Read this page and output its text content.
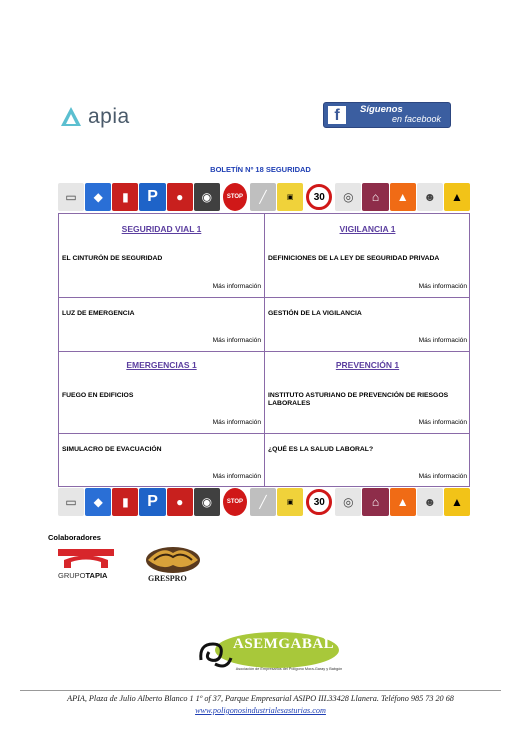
apia	f	Síguenos
en facebook
BOLETÍN Nº 18 SEGURIDAD
▭	◆	▮	P	●	◉	STOP	╱	▣	30	◎	⌂	▲	☻	▲
SEGURIDAD VIAL 1
EL CINTURÓN DE SEGURIDAD
Más información
LUZ DE EMERGENCIA
Más información
VIGILANCIA 1
DEFINICIONES DE LA LEY DE SEGURIDAD PRIVADA
Más información
GESTIÓN DE LA VIGILANCIA
Más información
EMERGENCIAS 1
FUEGO EN EDIFICIOS
Más información
SIMULACRO DE EVACUACIÓN
Más información
PREVENCIÓN 1
INSTITUTO ASTURIANO DE PREVENCIÓN DE RIESGOS LABORALES
Más información
¿QUÉ ES LA SALUD LABORAL?
Más información
▭	◆	▮	P	●	◉	STOP	╱	▣	30	◎	⌂	▲	☻	▲
Colaboradores
GRUPOTAPIA	GRESPRO
ASEMGABAL
Asociación de Empresarios del Polígono Mora-Garay y Babgón
APIA, Plaza de Julio Alberto Blanco 1 1º of 37, Parque Empresarial ASIPO III.33428 Llanera. Teléfono 985 73 20 68
www.poligonosindustrialesasturias.com
